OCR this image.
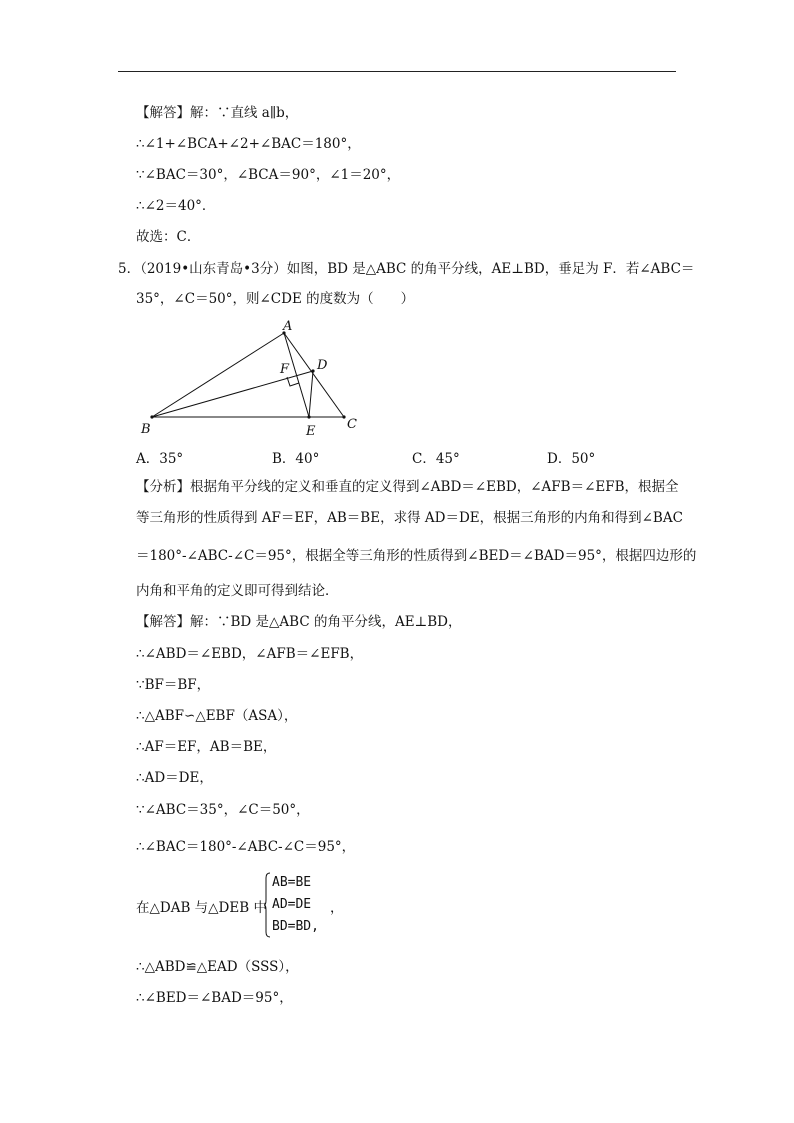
【解答】解：∵直线 a∥b，
∴∠1+∠BCA+∠2+∠BAC＝180°，
∵∠BAC＝30°，∠BCA＝90°，∠1＝20°，
∴∠2＝40°．
故选：C．
5．（2019•山东青岛•3分）如图，BD 是△ABC 的角平分线，AE⊥BD，垂足为 F．若∠ABC＝
35°，∠C＝50°，则∠CDE 的度数为（　　）
A
B	C
D
E
F
A．35°	B．40°	C．45°	D．50°
【分析】根据角平分线的定义和垂直的定义得到∠ABD＝∠EBD，∠AFB＝∠EFB，根据全
等三角形的性质得到 AF＝EF，AB＝BE，求得 AD＝DE，根据三角形的内角和得到∠BAC
＝180°-∠ABC-∠C＝95°，根据全等三角形的性质得到∠BED＝∠BAD＝95°，根据四边形的
内角和平角的定义即可得到结论．
【解答】解：∵BD 是△ABC 的角平分线，AE⊥BD，
∴∠ABD＝∠EBD，∠AFB＝∠EFB，
∵BF＝BF，
∴△ABF∽△EBF（ASA），
∴AF＝EF，AB＝BE，
∴AD＝DE，
∵∠ABC＝35°，∠C＝50°，
∴∠BAC＝180°-∠ABC-∠C＝95°，
在△DAB 与△DEB 中
AB=BE
AD=DE
BD=BD,
，
∴△ABD≌△EAD（SSS），
∴∠BED＝∠BAD＝95°，
